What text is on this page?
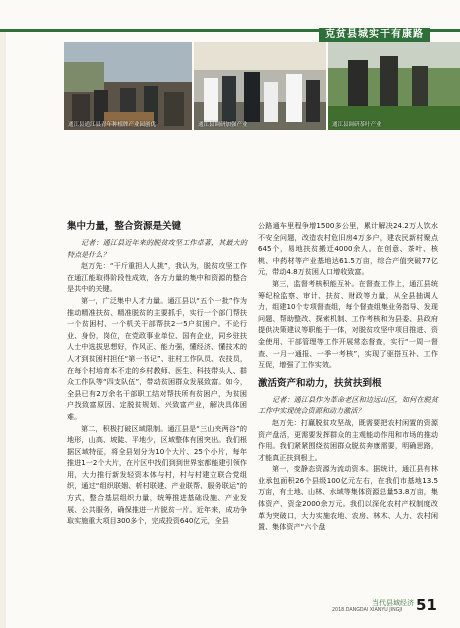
克贫县城实干有康路
通江县通江县青年种植牌产业园创优	通江县调研加强产业	通江县调研茶叶产业

集中力量，整合资源是关键

记者：通江县近年来的脱贫攻坚工作卓著，其最大的特点是什么？

赵万先：“干斤重担人人挑”，我认为，脱贫攻坚工作在通江能取得阶段性成效，各方力量的集中和资源的整合是共中的关键。

第一，广泛集中人才力量。通江县以“五个一批”作为推动精准扶贫、精准脱贫的主要抓手，实行一个部门帮扶一个贫困村、一个机关干部帮扶2一5户贫困户。不论行业、身份，岗位，在党政事业单位、国有企业，同乡驻扶人士中选拔思想好，作风正、能力强，懂经济、懂技术的人才到贫困村担任“第一书记”、驻村工作队员、农技员，在每个村培育本不走的乡村教师、医生、科技带头人、群众工作队等“四支队伍”，带动贫困群众发展致富。如今，全县已有2万余名干部职工结对帮扶所有贫困户，为贫困户找致富原因、定脱贫规划、兴致富产业，解决具体困难。

第二，积极打破区域限制。通江县是“三山夹两谷”的地形，山高、坡陡、平地少，区域整体有困突出。我们根据区域特征，将全县划分为10个大片、25个小片，每年推进1一2个大片，在片区中找们到到世界室都能建引领作用，大力推行新发轻资本体与村，村与村建立联合党组织，通过“组织联姻、析村联建、产业联帮、服务联运”的方式，整合基层组织力量，统筹推进基础设施、产业发展、公共服务，确保推进一片脱贫一片。近年来，成功争取实施重大项目300多个，完成投资640亿元，全县

公路通车里程争增1500多公里，累计解决24.2万人饮水不安全问题，改造农村危旧房4万多户，建农民新村聚点645个，易地扶贫搬迁4000余人。在创意、茶叶、核桃、中药材等产业基地达61.5万亩，综合产值突破77亿元，带动4.8万贫困人口增收致富。

第三，监督考核积能互补。在督查工作上，通江县统筹纪检监察、审计、扶贫、财政等力量，从全县抽调人力，组建10个专项督查组，每个督查组集业务指导、发现问题、帮助整改、探索机制、工作考核和为县委、县政府提供决策建议等职能于一体，对脱贫攻坚中项目推进、资金使用、干部管理等工作开展常态督查，实行“一周一督查、一月一通报、一季一考核”，实现了驱搭互补、工作互促，增强了工作实效。

激活资产和动力，扶贫扶到根

记者：通江县作为革命老区和边远山区，如何在脱贫工作中实现统合资源和动力激活？

赵万先：打赢脱贫攻坚战，既需要把农村闲置的资源资产盘活，更需要发挥群众的主观能动作用和市场的推动作用。我们紧紧围绕贫困群众脱贫奔康需要，明确思路，才能真正扶到根上。

第一，变静态资源为流动资本。据统计，通江县有林业承包面积26个县级100亿元左右，在我们市基地13.5万亩，有土地、山林、水域等集体资源总量53.8万亩，集体资产、资金2000余万元。我们以深化农村产权制度改革为突破口，大力实施农地、农房、林木、人力、农村闲置、集体资产“六个盘

当代县域经济
2018.DANGDAI XIANYU JINGJI 51
